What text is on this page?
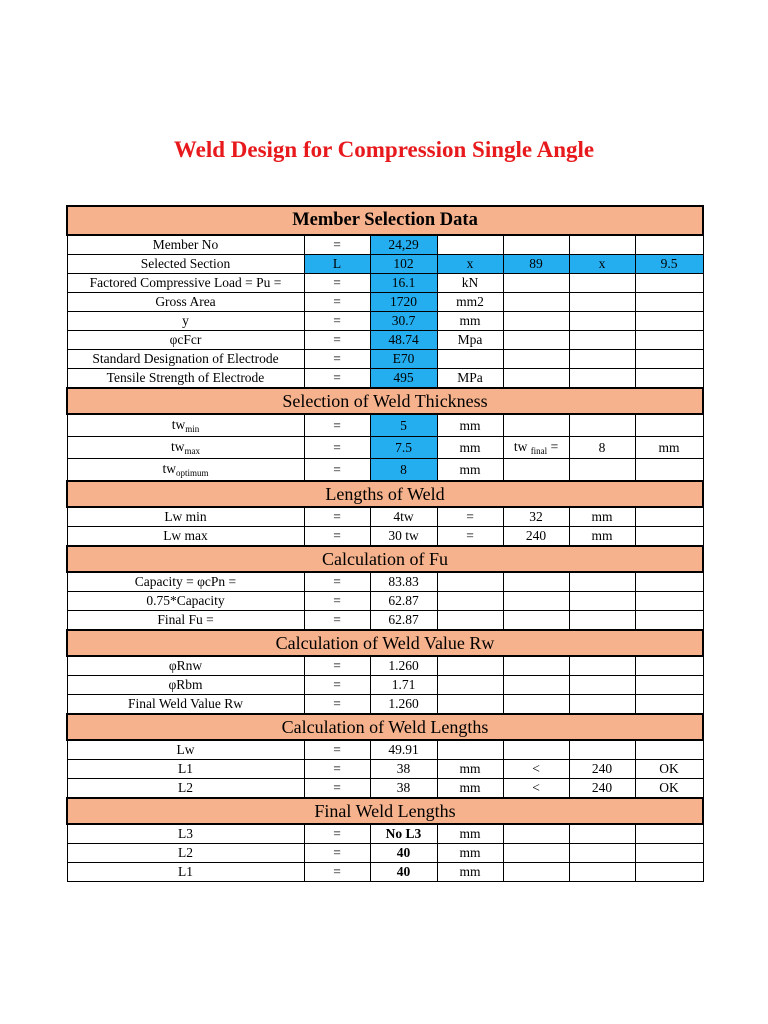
Weld Design for Compression Single Angle
Member Selection Data						
Member No	=	24,29				
Selected Section	L	102	x	89	x	9.5
Factored Compressive Load = Pu =	=	16.1	kN			
Gross Area	=	1720	mm2			
y	=	30.7	mm			
φcFcr	=	48.74	Mpa			
Standard Designation of Electrode	=	E70				
Tensile Strength of Electrode	=	495	MPa			
Selection of Weld Thickness						
$tw_{min}$	=	5	mm			
$tw_{max}$	=	7.5	mm	tw $_{final}$ =	8	mm
$tw_{optimum}$	=	8	mm			
Lengths of Weld						
Lw min	=	4tw	=	32	mm	
Lw max	=	30 tw	=	240	mm	
Calculation of Fu						
Capacity = φcPn =	=	83.83				
0.75*Capacity	=	62.87				
Final Fu =	=	62.87				
Calculation of Weld Value Rw						
φRnw	=	1.260				
φRbm	=	1.71				
Final Weld Value Rw	=	1.260				
Calculation of Weld Lengths						
Lw	=	49.91				
L1	=	38	mm	<	240	OK
L2	=	38	mm	<	240	OK
Final Weld Lengths						
L3	=	No L3	mm			
L2	=	40	mm			
L1	=	40	mm			
